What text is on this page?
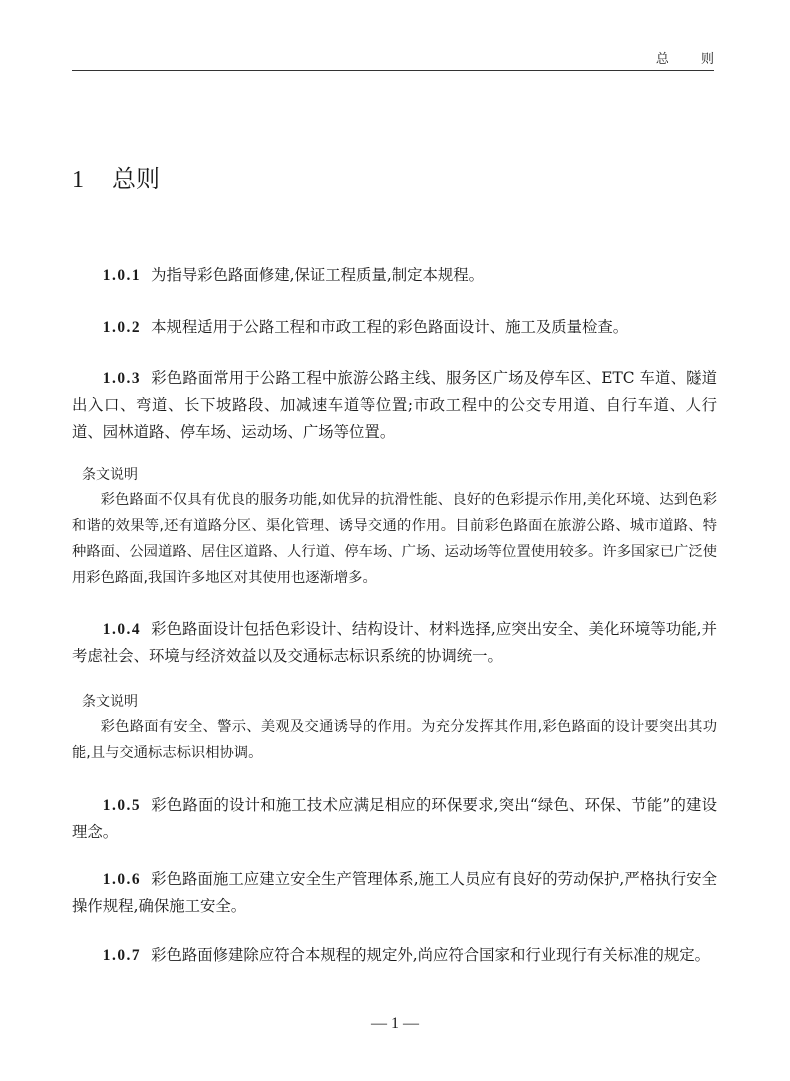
总 则
1 总则
1.0.1 为指导彩色路面修建,保证工程质量,制定本规程。
1.0.2 本规程适用于公路工程和市政工程的彩色路面设计、施工及质量检查。
1.0.3 彩色路面常用于公路工程中旅游公路主线、服务区广场及停车区、ETC 车道、隧道出入口、弯道、长下坡路段、加减速车道等位置;市政工程中的公交专用道、自行车道、人行道、园林道路、停车场、运动场、广场等位置。
条文说明
彩色路面不仅具有优良的服务功能,如优异的抗滑性能、良好的色彩提示作用,美化环境、达到色彩和谐的效果等,还有道路分区、渠化管理、诱导交通的作用。目前彩色路面在旅游公路、城市道路、特种路面、公园道路、居住区道路、人行道、停车场、广场、运动场等位置使用较多。许多国家已广泛使用彩色路面,我国许多地区对其使用也逐渐增多。
1.0.4 彩色路面设计包括色彩设计、结构设计、材料选择,应突出安全、美化环境等功能,并考虑社会、环境与经济效益以及交通标志标识系统的协调统一。
条文说明
彩色路面有安全、警示、美观及交通诱导的作用。为充分发挥其作用,彩色路面的设计要突出其功能,且与交通标志标识相协调。
1.0.5 彩色路面的设计和施工技术应满足相应的环保要求,突出“绿色、环保、节能”的建设理念。
1.0.6 彩色路面施工应建立安全生产管理体系,施工人员应有良好的劳动保护,严格执行安全操作规程,确保施工安全。
1.0.7 彩色路面修建除应符合本规程的规定外,尚应符合国家和行业现行有关标准的规定。
— 1 —
